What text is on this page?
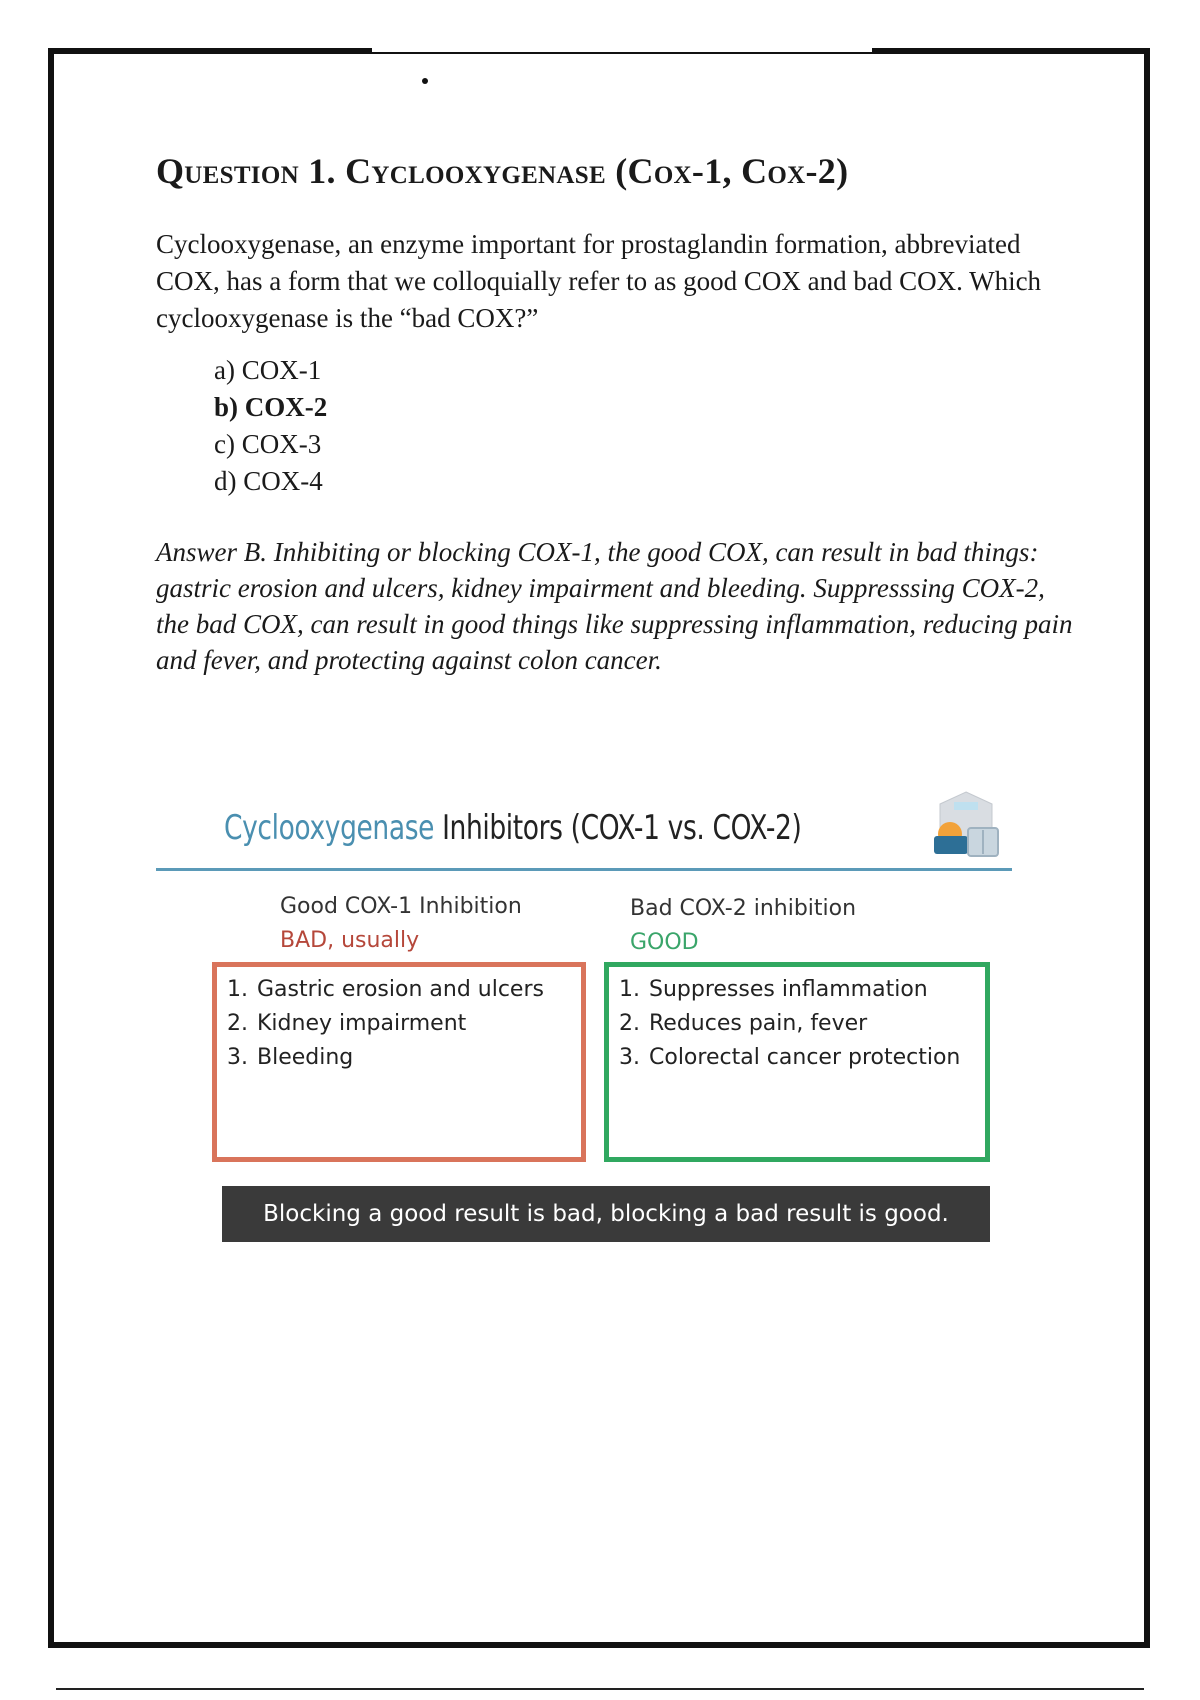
Question 1. Cyclooxygenase (Cox-1, Cox-2)
Cyclooxygenase, an enzyme important for prostaglandin formation, abbreviated COX, has a form that we colloquially refer to as good COX and bad COX. Which cyclooxygenase is the “bad COX?”
a) COX-1
b) COX-2
c) COX-3
d) COX-4
Answer B. Inhibiting or blocking COX-1, the good COX, can result in bad things: gastric erosion and ulcers, kidney impairment and bleeding. Suppresssing COX-2, the bad COX, can result in good things like suppressing inflammation, reducing pain and fever, and protecting against colon cancer.
Cyclooxygenase Inhibitors (COX-1 vs. COX-2)
Good COX-1 Inhibition
BAD, usually
Bad COX-2 inhibition
GOOD
1. Gastric erosion and ulcers
2. Kidney impairment
3. Bleeding
1. Suppresses inflammation
2. Reduces pain, fever
3. Colorectal cancer protection
Blocking a good result is bad, blocking a bad result is good.
